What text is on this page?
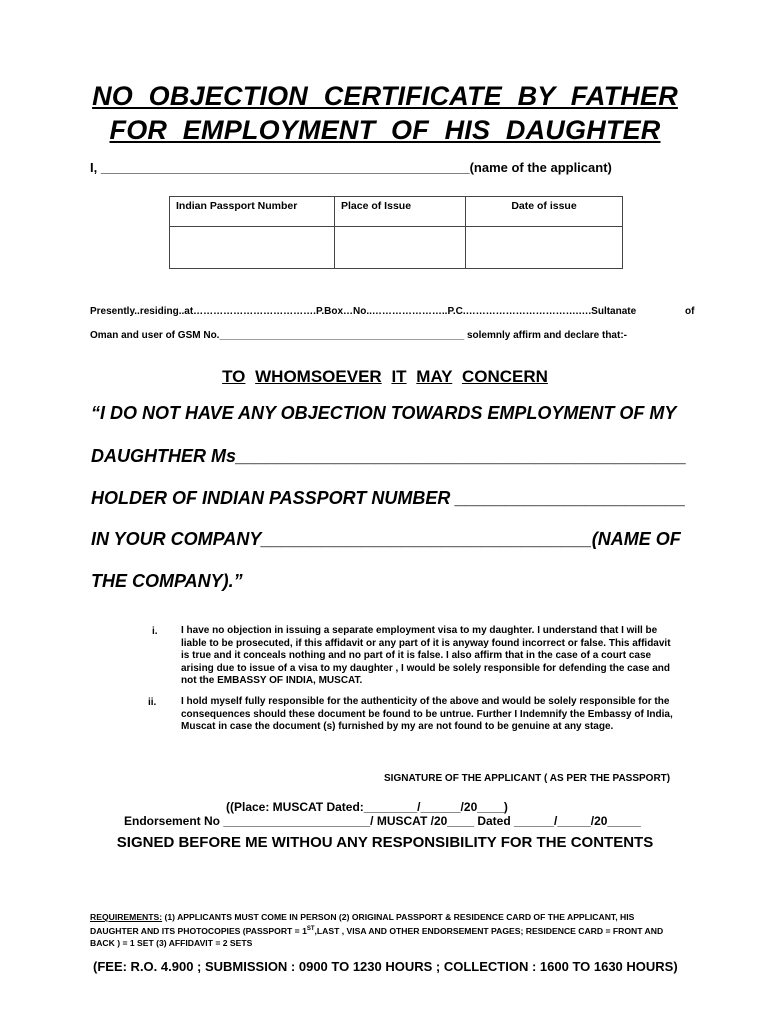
NO OBJECTION CERTIFICATE BY FATHER
FOR EMPLOYMENT OF HIS DAUGHTER
I, ___________________________________________________(name of the applicant)
Indian Passport Number	Place of Issue	Date of issue

Presently..residing..at……………………………….P.Box…No..…………………..P.C.…………………………….….Sultanate	of
Oman and user of GSM No.____________________________________________ solemnly affirm and declare that:-
TO WHOMSOEVER IT MAY CONCERN
“I DO NOT HAVE ANY OBJECTION TOWARDS EMPLOYMENT OF MY
DAUGHTHER Ms_____________________________________________
HOLDER OF INDIAN PASSPORT NUMBER _______________________
IN YOUR COMPANY_________________________________(NAME OF
THE COMPANY).”
i. I have no objection in issuing a separate employment visa to my daughter. I understand that I will be liable to be prosecuted, if this affidavit or any part of it is anyway found incorrect or false. This affidavit is true and it conceals nothing and no part of it is false. I also affirm that in the case of a court case arising due to issue of a visa to my daughter , I would be solely responsible for defending the case and not the EMBASSY OF INDIA, MUSCAT.
ii. I hold myself fully responsible for the authenticity of the above and would be solely responsible for the consequences should these document be found to be untrue. Further I Indemnify the Embassy of India, Muscat in case the document (s) furnished by my are not found to be genuine at any stage.
SIGNATURE OF THE APPLICANT ( AS PER THE PASSPORT)
((Place: MUSCAT Dated:________/______/20____)
Endorsement No ______________________/ MUSCAT /20____ Dated ______/_____/20_____
SIGNED BEFORE ME WITHOU ANY RESPONSIBILITY FOR THE CONTENTS
REQUIREMENTS: (1) APPLICANTS MUST COME IN PERSON (2) ORIGINAL PASSPORT & RESIDENCE CARD OF THE APPLICANT, HIS DAUGHTER AND ITS PHOTOCOPIES (PASSPORT = 1ST,LAST , VISA AND OTHER ENDORSEMENT PAGES; RESIDENCE CARD = FRONT AND BACK ) = 1 SET (3) AFFIDAVIT = 2 SETS
(FEE: R.O. 4.900 ; SUBMISSION : 0900 TO 1230 HOURS ; COLLECTION : 1600 TO 1630 HOURS)
